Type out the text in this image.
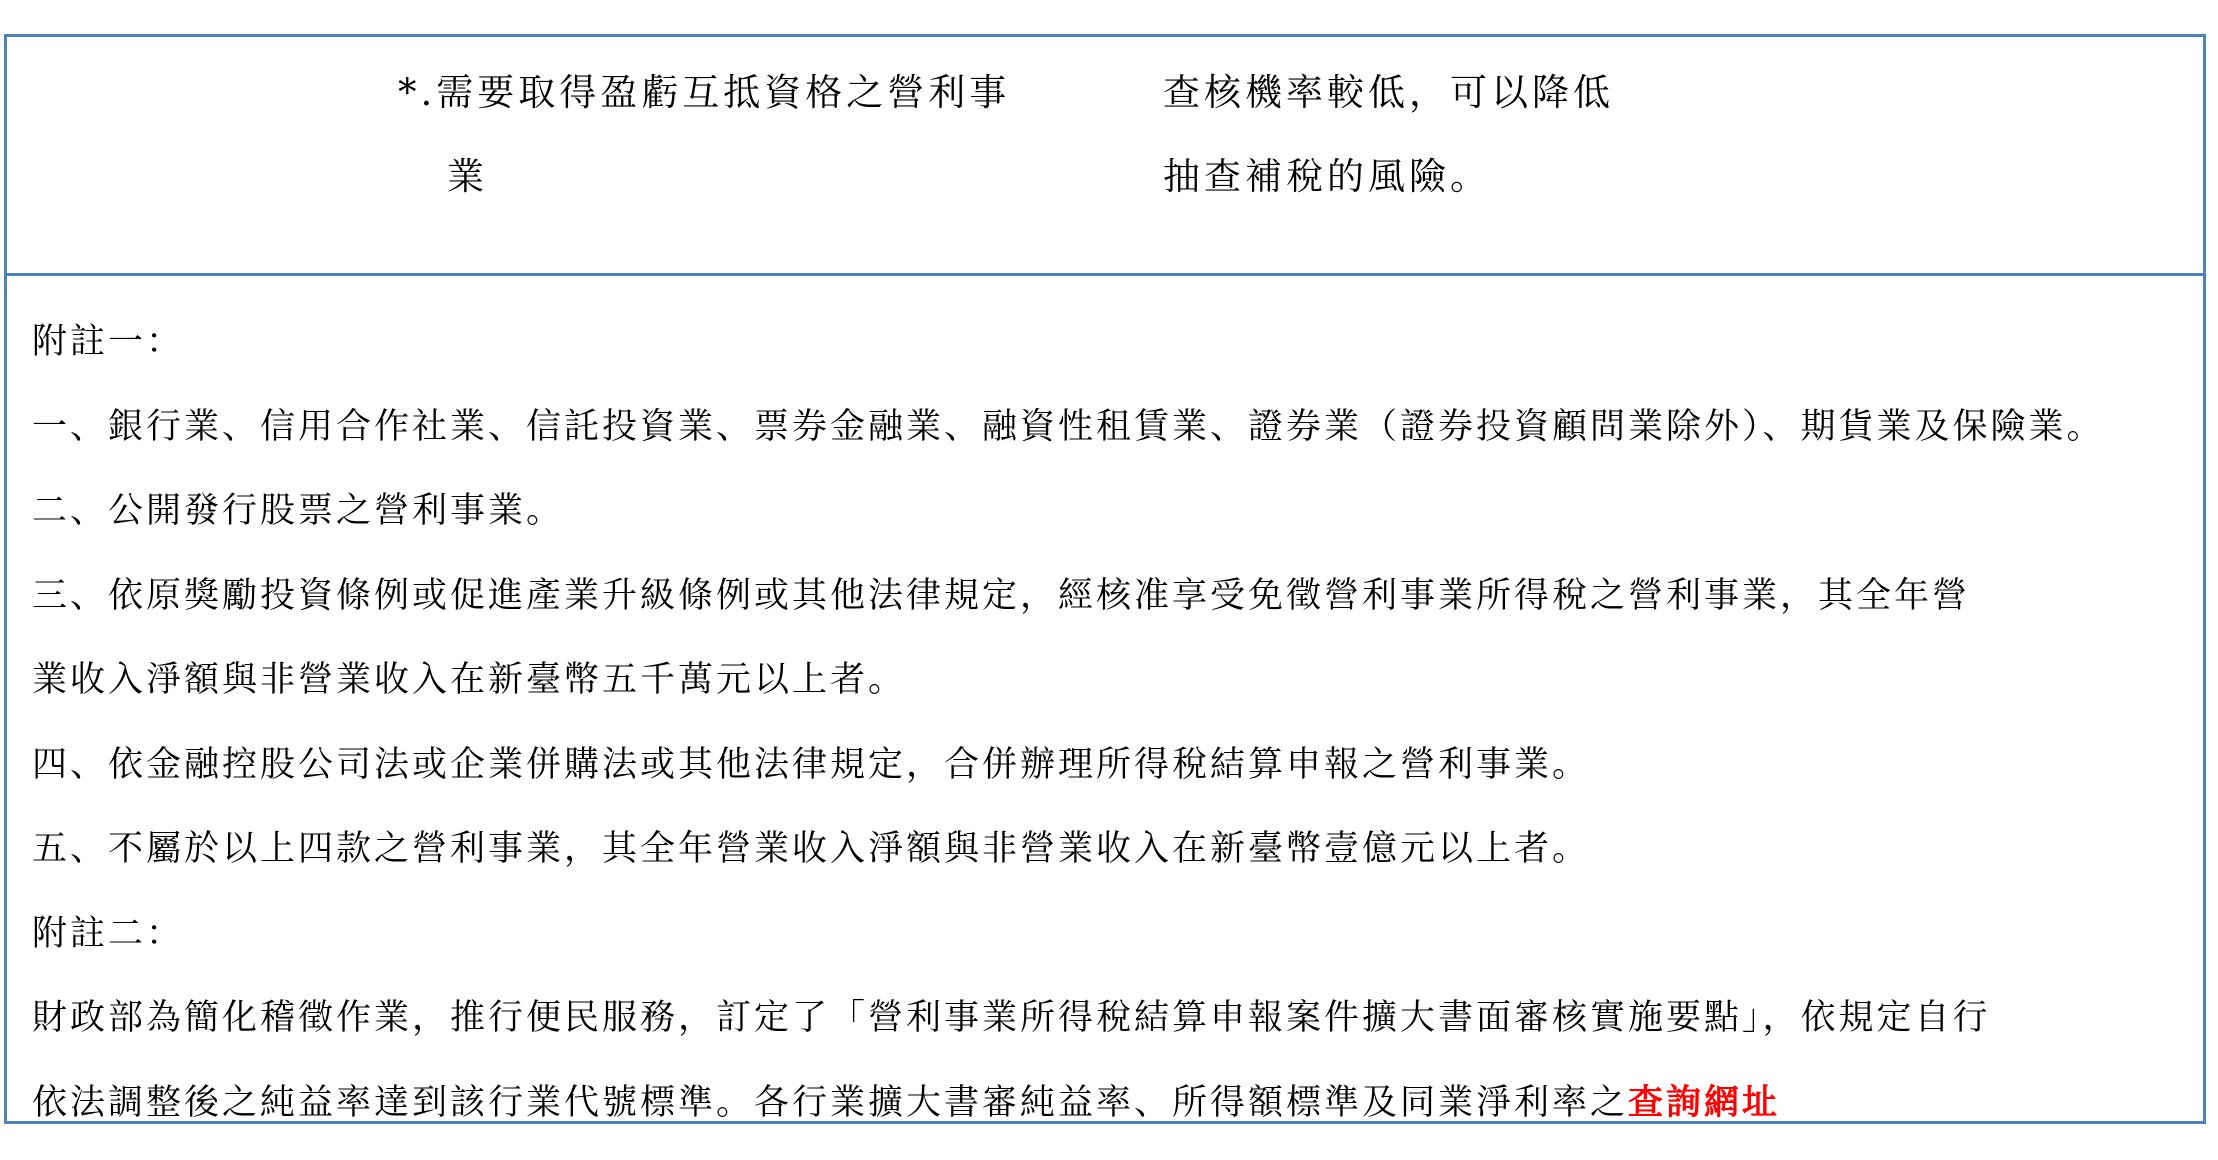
*.需要取得盈虧互抵資格之營利事
業
查核機率較低，可以降低
抽查補稅的風險。
附註一：
一、銀行業、信用合作社業、信託投資業、票券金融業、融資性租賃業、證券業（證券投資顧問業除外）、期貨業及保險業。
二、公開發行股票之營利事業。
三、依原獎勵投資條例或促進產業升級條例或其他法律規定，經核准享受免徵營利事業所得稅之營利事業，其全年營
業收入淨額與非營業收入在新臺幣五千萬元以上者。
四、依金融控股公司法或企業併購法或其他法律規定，合併辦理所得稅結算申報之營利事業。
五、不屬於以上四款之營利事業，其全年營業收入淨額與非營業收入在新臺幣壹億元以上者。
附註二：
財政部為簡化稽徵作業，推行便民服務，訂定了「營利事業所得稅結算申報案件擴大書面審核實施要點」，依規定自行
依法調整後之純益率達到該行業代號標準。各行業擴大書審純益率、所得額標準及同業淨利率之查詢網址
